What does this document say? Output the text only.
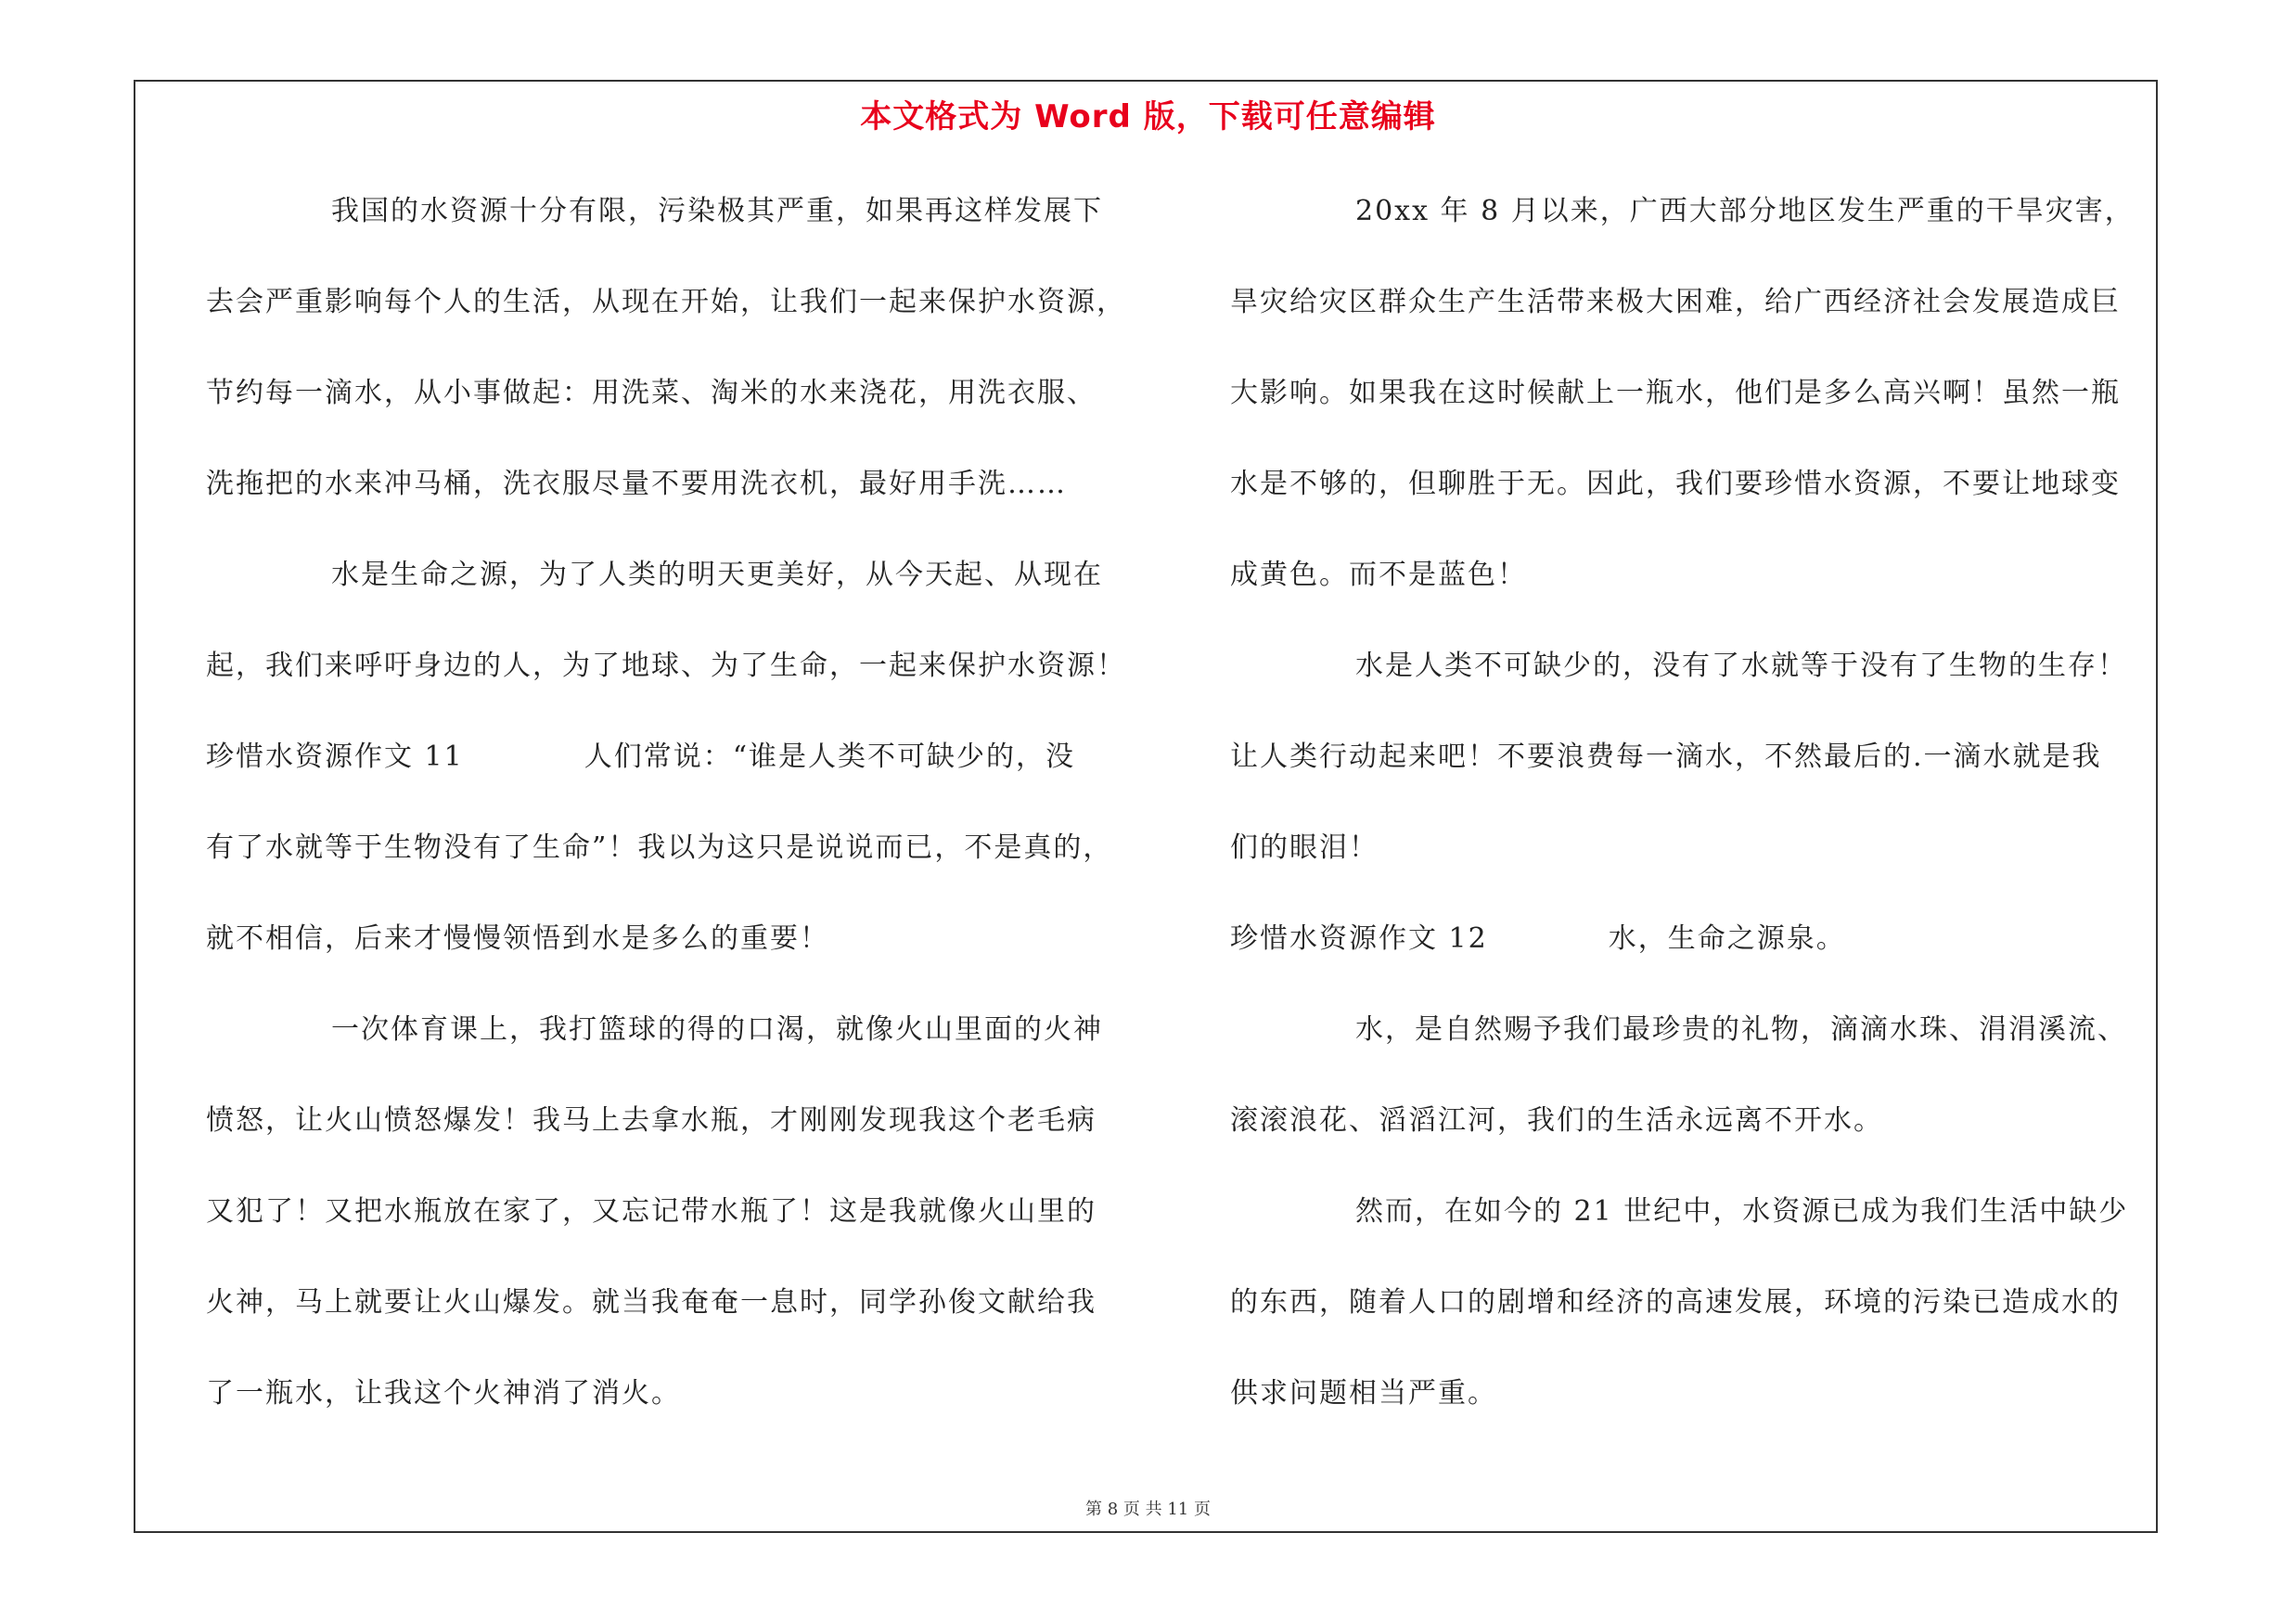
本文格式为 Word 版，下载可任意编辑
我国的水资源十分有限，污染极其严重，如果再这样发展下
去会严重影响每个人的生活，从现在开始，让我们一起来保护水资源，
节约每一滴水，从小事做起：用洗菜、淘米的水来浇花，用洗衣服、
洗拖把的水来冲马桶，洗衣服尽量不要用洗衣机，最好用手洗……
水是生命之源，为了人类的明天更美好，从今天起、从现在
起，我们来呼吁身边的人，为了地球、为了生命，一起来保护水资源！
珍惜水资源作文 11	人们常说：“谁是人类不可缺少的，没
有了水就等于生物没有了生命”！我以为这只是说说而已，不是真的，
就不相信，后来才慢慢领悟到水是多么的重要！
一次体育课上，我打篮球的得的口渴，就像火山里面的火神
愤怒，让火山愤怒爆发！我马上去拿水瓶，才刚刚发现我这个老毛病
又犯了！又把水瓶放在家了，又忘记带水瓶了！这是我就像火山里的
火神，马上就要让火山爆发。就当我奄奄一息时，同学孙俊文献给我
了一瓶水，让我这个火神消了消火。
20xx 年 8 月以来，广西大部分地区发生严重的干旱灾害，
旱灾给灾区群众生产生活带来极大困难，给广西经济社会发展造成巨
大影响。如果我在这时候献上一瓶水，他们是多么高兴啊！虽然一瓶
水是不够的，但聊胜于无。因此，我们要珍惜水资源，不要让地球变
成黄色。而不是蓝色！
水是人类不可缺少的，没有了水就等于没有了生物的生存！
让人类行动起来吧！不要浪费每一滴水，不然最后的.一滴水就是我
们的眼泪！
珍惜水资源作文 12	水，生命之源泉。
水，是自然赐予我们最珍贵的礼物，滴滴水珠、涓涓溪流、
滚滚浪花、滔滔江河，我们的生活永远离不开水。
然而，在如今的 21 世纪中，水资源已成为我们生活中缺少
的东西，随着人口的剧增和经济的高速发展，环境的污染已造成水的
供求问题相当严重。
第 8 页 共 11 页
